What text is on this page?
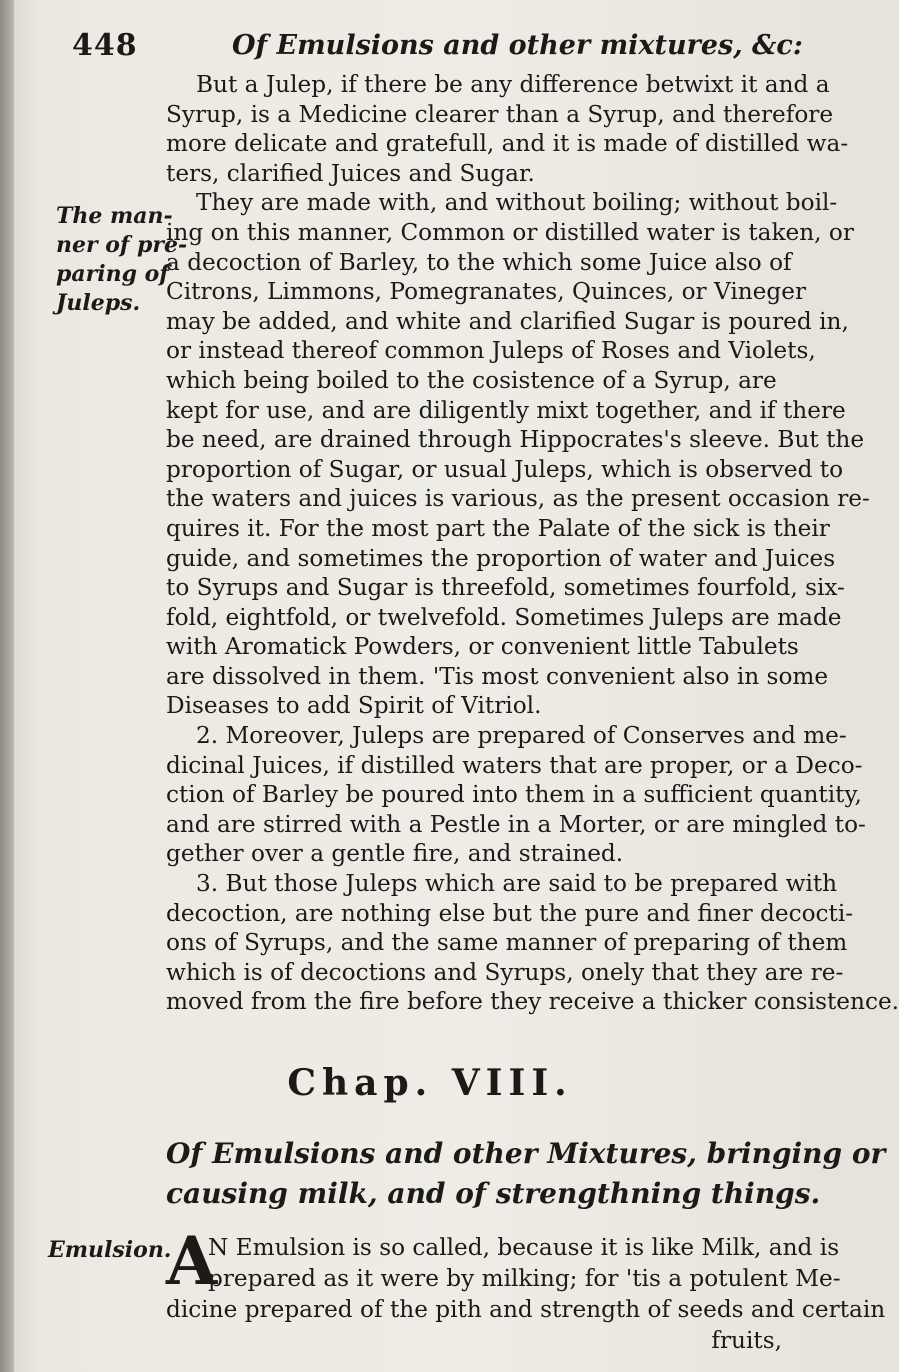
448	Of Emulsions and other mixtures, &c:
The man-
ner of pre-
paring of
Juleps.
But a Julep, if there be any difference betwixt it and a
Syrup, is a Medicine clearer than a Syrup, and therefore
more delicate and gratefull, and it is made of distilled wa-
ters, clarified Juices and Sugar.
They are made with, and without boiling; without boil-
ing on this manner, Common or distilled water is taken, or
a decoction of Barley, to the which some Juice also of
Citrons, Limmons, Pomegranates, Quinces, or Vineger
may be added, and white and clarified Sugar is poured in,
or instead thereof common Juleps of Roses and Violets,
which being boiled to the cosistence of a Syrup, are
kept for use, and are diligently mixt together, and if there
be need, are drained through Hippocrates's sleeve. But the
proportion of Sugar, or usual Juleps, which is observed to
the waters and juices is various, as the present occasion re-
quires it. For the most part the Palate of the sick is their
guide, and sometimes the proportion of water and Juices
to Syrups and Sugar is threefold, sometimes fourfold, six-
fold, eightfold, or twelvefold. Sometimes Juleps are made
with Aromatick Powders, or convenient little Tabulets
are dissolved in them. 'Tis most convenient also in some
Diseases to add Spirit of Vitriol.
2. Moreover, Juleps are prepared of Conserves and me-
dicinal Juices, if distilled waters that are proper, or a Deco-
ction of Barley be poured into them in a sufficient quantity,
and are stirred with a Pestle in a Morter, or are mingled to-
gether over a gentle fire, and strained.
3. But those Juleps which are said to be prepared with
decoction, are nothing else but the pure and finer decocti-
ons of Syrups, and the same manner of preparing of them
which is of decoctions and Syrups, onely that they are re-
moved from the fire before they receive a thicker consistence.
Chap. VIII.
Of Emulsions and other Mixtures, bringing or
causing milk, and of strengthning things.
Emulsion.
A
N Emulsion is so called, because it is like Milk, and is
prepared as it were by milking; for 'tis a potulent Me-
dicine prepared of the pith and strength of seeds and certain
fruits,
